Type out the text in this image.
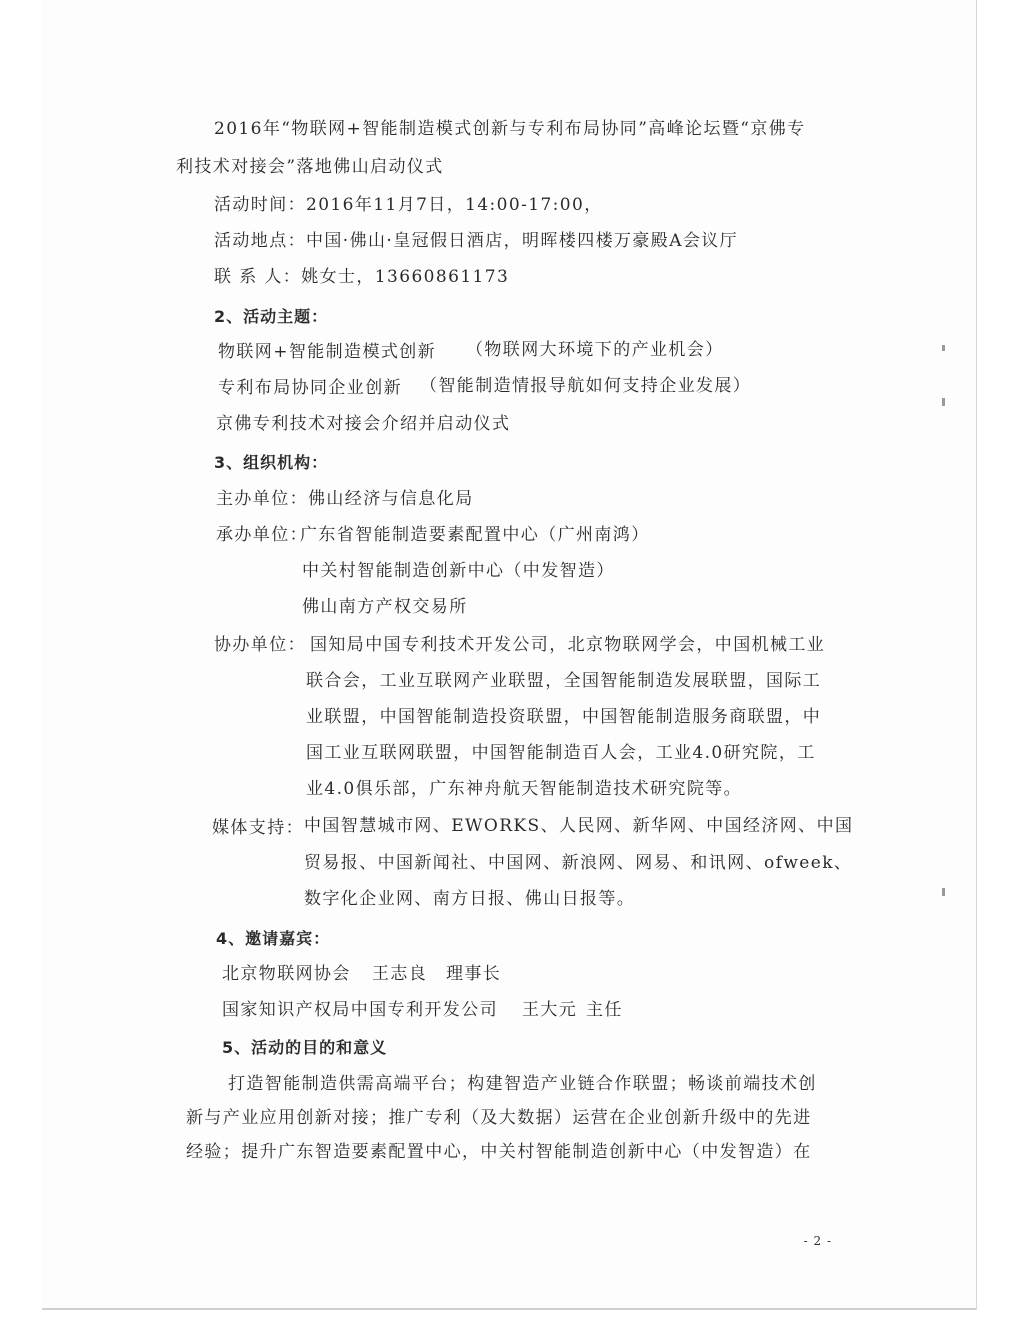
2016年“物联网+智能制造模式创新与专利布局协同”高峰论坛暨“京佛专
利技术对接会”落地佛山启动仪式
活动时间：2016年11月7日，14:00-17:00，
活动地点：中国·佛山·皇冠假日酒店，明晖楼四楼万豪殿A会议厅
联 系 人：姚女士，13660861173
2、活动主题：
物联网+智能制造模式创新 （物联网大环境下的产业机会）
专利布局协同企业创新 （智能制造情报导航如何支持企业发展）
京佛专利技术对接会介绍并启动仪式
3、组织机构：
主办单位：佛山经济与信息化局
承办单位：
广东省智能制造要素配置中心（广州南鸿）
中关村智能制造创新中心（中发智造）
佛山南方产权交易所
协办单位： 国知局中国专利技术开发公司，北京物联网学会，中国机械工业
联合会，工业互联网产业联盟，全国智能制造发展联盟，国际工
业联盟，中国智能制造投资联盟，中国智能制造服务商联盟，中
国工业互联网联盟，中国智能制造百人会，工业4.0研究院，工
业4.0俱乐部，广东神舟航天智能制造技术研究院等。
媒体支持： 中国智慧城市网、EWORKS、人民网、新华网、中国经济网、中国
贸易报、中国新闻社、中国网、新浪网、网易、和讯网、ofweek、
数字化企业网、南方日报、佛山日报等。
4、邀请嘉宾：
北京物联网协会 王志良 理事长
国家知识产权局中国专利开发公司 王大元 主任
5、活动的目的和意义
打造智能制造供需高端平台；构建智造产业链合作联盟；畅谈前端技术创
新与产业应用创新对接；推广专利（及大数据）运营在企业创新升级中的先进
经验；提升广东智造要素配置中心，中关村智能制造创新中心（中发智造）在
- 2 -
